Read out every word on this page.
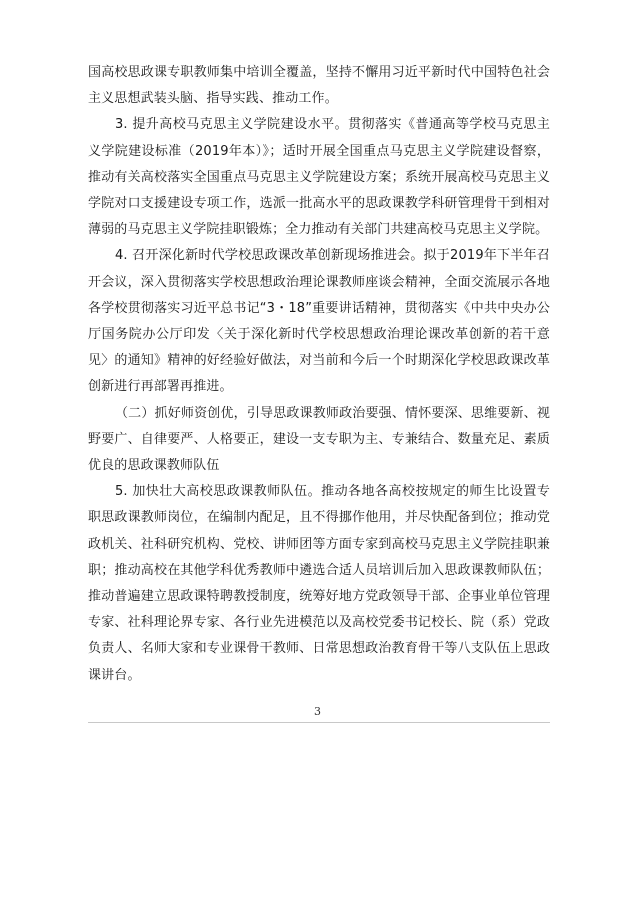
国高校思政课专职教师集中培训全覆盖，坚持不懈用习近平新时代中国特色社会主义思想武装头脑、指导实践、推动工作。

3. 提升高校马克思主义学院建设水平。贯彻落实《普通高等学校马克思主义学院建设标准（2019年本）》；适时开展全国重点马克思主义学院建设督察，推动有关高校落实全国重点马克思主义学院建设方案；系统开展高校马克思主义学院对口支援建设专项工作，选派一批高水平的思政课教学科研管理骨干到相对薄弱的马克思主义学院挂职锻炼；全力推动有关部门共建高校马克思主义学院。

4. 召开深化新时代学校思政课改革创新现场推进会。拟于2019年下半年召开会议，深入贯彻落实学校思想政治理论课教师座谈会精神，全面交流展示各地各学校贯彻落实习近平总书记“3・18”重要讲话精神，贯彻落实《中共中央办公厅国务院办公厅印发〈关于深化新时代学校思想政治理论课改革创新的若干意见〉的通知》精神的好经验好做法，对当前和今后一个时期深化学校思政课改革创新进行再部署再推进。

（二）抓好师资创优，引导思政课教师政治要强、情怀要深、思维要新、视野要广、自律要严、人格要正，建设一支专职为主、专兼结合、数量充足、素质优良的思政课教师队伍

5. 加快壮大高校思政课教师队伍。推动各地各高校按规定的师生比设置专职思政课教师岗位，在编制内配足，且不得挪作他用，并尽快配备到位；推动党政机关、社科研究机构、党校、讲师团等方面专家到高校马克思主义学院挂职兼职；推动高校在其他学科优秀教师中遴选合适人员培训后加入思政课教师队伍；推动普遍建立思政课特聘教授制度，统筹好地方党政领导干部、企事业单位管理专家、社科理论界专家、各行业先进模范以及高校党委书记校长、院（系）党政负责人、名师大家和专业课骨干教师、日常思想政治教育骨干等八支队伍上思政课讲台。

3
